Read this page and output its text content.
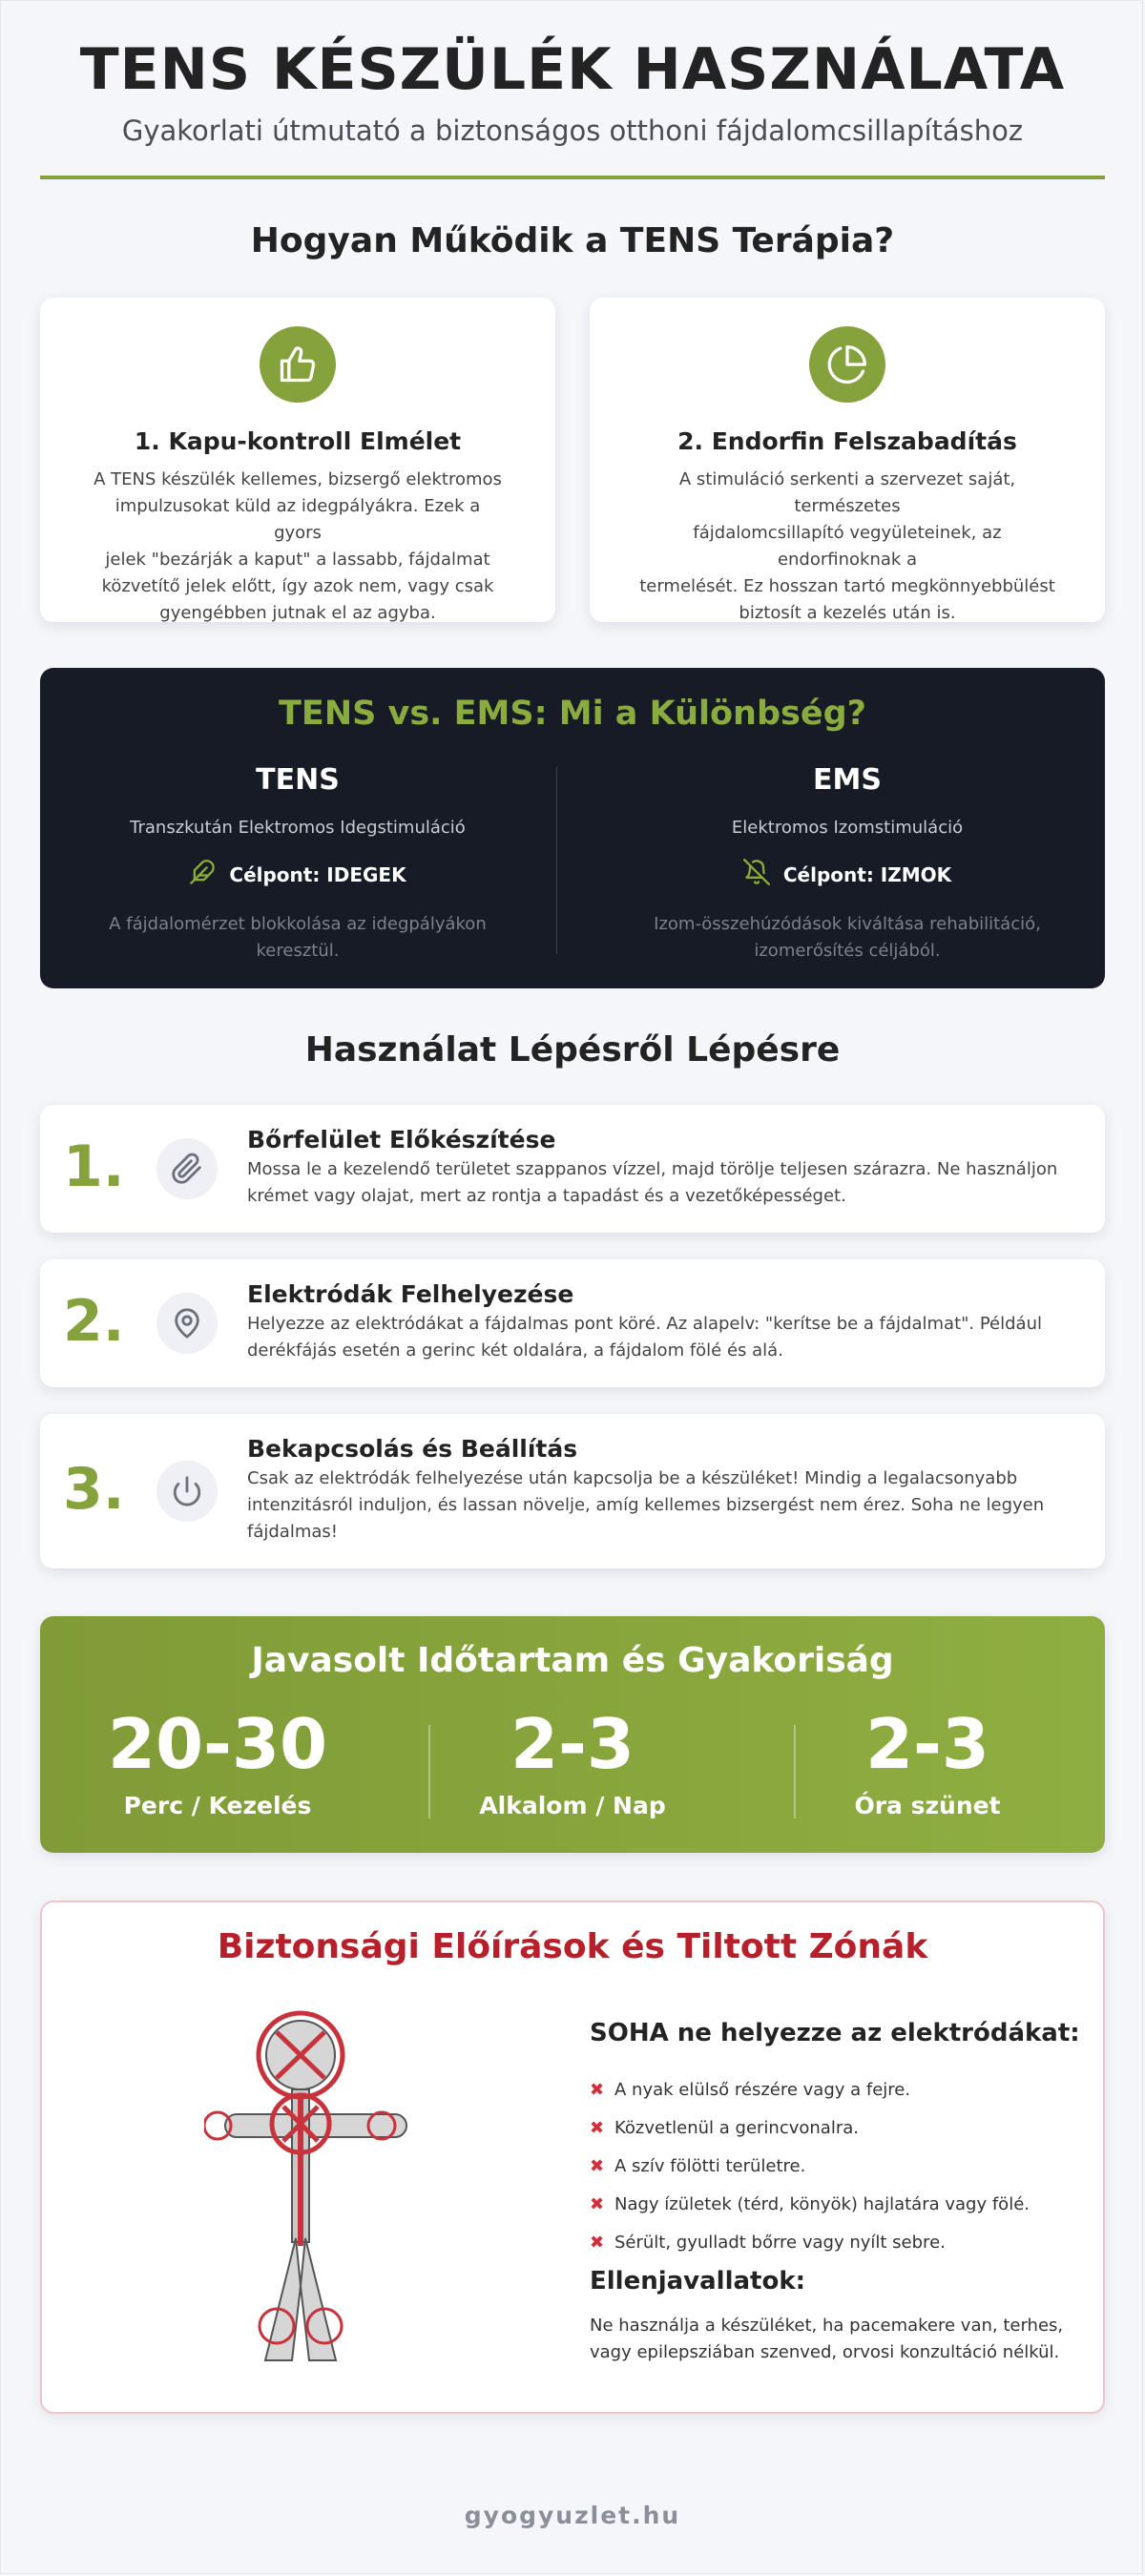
TENS KÉSZÜLÉK HASZNÁLATA
Gyakorlati útmutató a biztonságos otthoni fájdalomcsillapításhoz
Hogyan Működik a TENS Terápia?
1. Kapu-kontroll Elmélet
A TENS készülék kellemes, bizsergő elektromos
impulzusokat küld az idegpályákra. Ezek a gyors
jelek "bezárják a kaput" a lassabb, fájdalmat
közvetítő jelek előtt, így azok nem, vagy csak
gyengébben jutnak el az agyba.
2. Endorfin Felszabadítás
A stimuláció serkenti a szervezet saját, természetes
fájdalomcsillapító vegyületeinek, az endorfinoknak a
termelését. Ez hosszan tartó megkönnyebbülést
biztosít a kezelés után is.
TENS vs. EMS: Mi a Különbség?
TENS
Transzkután Elektromos Idegstimuláció
Célpont: IDEGEK
A fájdalomérzet blokkolása az idegpályákon
keresztül.
EMS
Elektromos Izomstimuláció
Célpont: IZMOK
Izom-összehúzódások kiváltása rehabilitáció,
izomerősítés céljából.
Használat Lépésről Lépésre
1.	Bőrfelület Előkészítése
Mossa le a kezelendő területet szappanos vízzel, majd törölje teljesen szárazra. Ne használjon
krémet vagy olajat, mert az rontja a tapadást és a vezetőképességet.
2.	Elektródák Felhelyezése
Helyezze az elektródákat a fájdalmas pont köré. Az alapelv: "kerítse be a fájdalmat". Például
derékfájás esetén a gerinc két oldalára, a fájdalom fölé és alá.
3.
Bekapcsolás és Beállítás
Csak az elektródák felhelyezése után kapcsolja be a készüléket! Mindig a legalacsonyabb
intenzitásról induljon, és lassan növelje, amíg kellemes bizsergést nem érez. Soha ne legyen
fájdalmas!
Javasolt Időtartam és Gyakoriság
20-30
Perc / Kezelés
2-3
Alkalom / Nap
2-3
Óra szünet
Biztonsági Előírások és Tiltott Zónák
SOHA ne helyezze az elektródákat:
✖ A nyak elülső részére vagy a fejre.
✖ Közvetlenül a gerincvonalra.
✖ A szív fölötti területre.
✖ Nagy ízületek (térd, könyök) hajlatára vagy fölé.
✖ Sérült, gyulladt bőrre vagy nyílt sebre.
Ellenjavallatok:
Ne használja a készüléket, ha pacemakere van, terhes,
vagy epilepsziában szenved, orvosi konzultáció nélkül.
gyogyuzlet.hu
